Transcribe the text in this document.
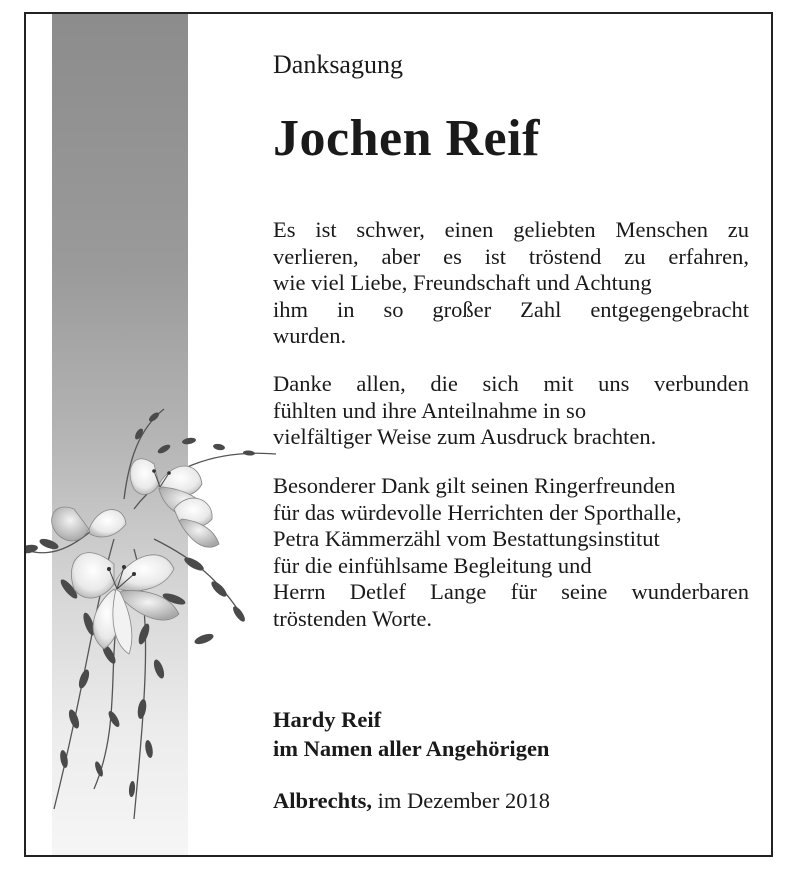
Danksagung
Jochen Reif

Es ist schwer, einen geliebten Menschen zu
verlieren, aber es ist tröstend zu erfahren,
wie viel Liebe, Freundschaft und Achtung
ihm in so großer Zahl entgegengebracht
wurden.

Danke allen, die sich mit uns verbunden
fühlten und ihre Anteilnahme in so
vielfältiger Weise zum Ausdruck brachten.

Besonderer Dank gilt seinen Ringerfreunden
für das würdevolle Herrichten der Sporthalle,
Petra Kämmerzähl vom Bestattungsinstitut
für die einfühlsame Begleitung und
Herrn Detlef Lange für seine wunderbaren
tröstenden Worte.

Hardy Reif
im Namen aller Angehörigen
Albrechts, im Dezember 2018
